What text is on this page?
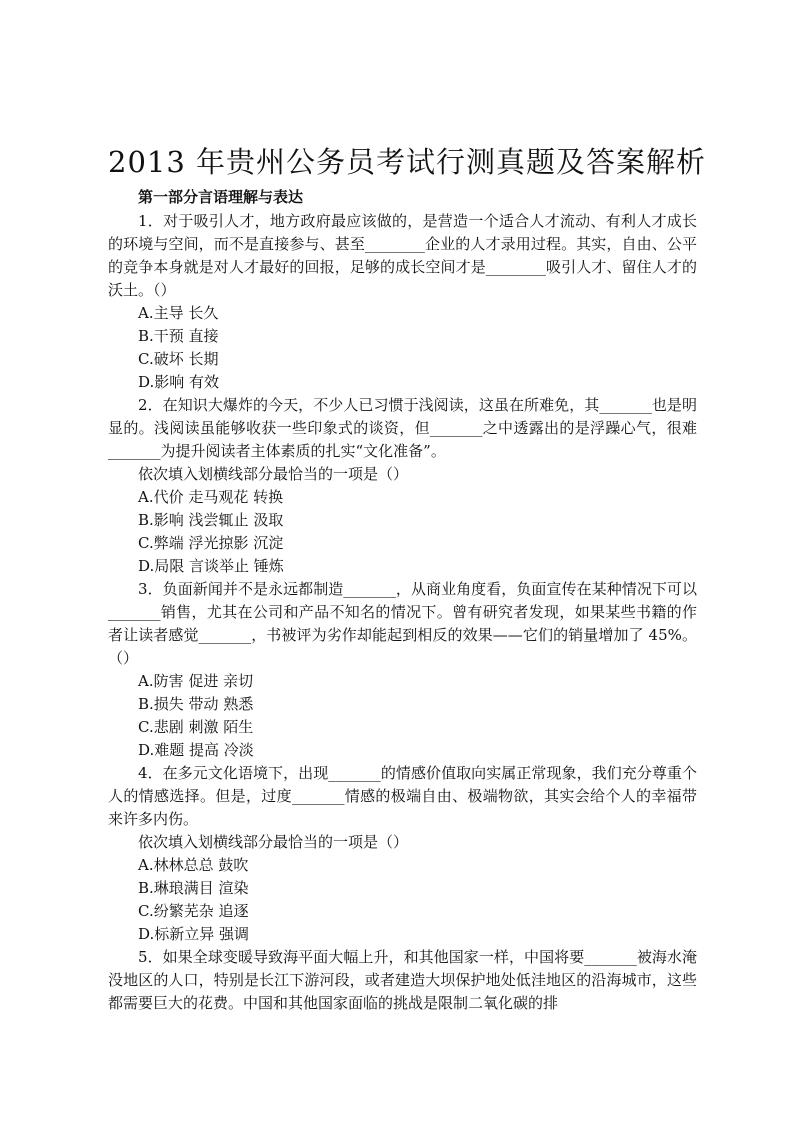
2013 年贵州公务员考试行测真题及答案解析
第一部分言语理解与表达

1．对于吸引人才，地方政府最应该做的，是营造一个适合人才流动、有利人才成长的环境与空间，而不是直接参与、甚至________企业的人才录用过程。其实，自由、公平的竞争本身就是对人才最好的回报，足够的成长空间才是________吸引人才、留住人才的沃土。（）

A.主导 长久

B.干预 直接

C.破坏 长期

D.影响 有效

2．在知识大爆炸的今天，不少人已习惯于浅阅读，这虽在所难免，其_______也是明显的。浅阅读虽能够收获一些印象式的谈资，但_______之中透露出的是浮躁心气，很难_______为提升阅读者主体素质的扎实“文化准备”。

依次填入划横线部分最恰当的一项是（）

A.代价 走马观花 转换

B.影响 浅尝辄止 汲取

C.弊端 浮光掠影 沉淀

D.局限 言谈举止 锤炼

3．负面新闻并不是永远都制造_______，从商业角度看，负面宣传在某种情况下可以_______销售，尤其在公司和产品不知名的情况下。曾有研究者发现，如果某些书籍的作者让读者感觉_______，书被评为劣作却能起到相反的效果——它们的销量增加了 45%。（）

A.防害 促进 亲切

B.损失 带动 熟悉

C.悲剧 刺激 陌生

D.难题 提高 冷淡

4．在多元文化语境下，出现_______的情感价值取向实属正常现象，我们充分尊重个人的情感选择。但是，过度_______情感的极端自由、极端物欲，其实会给个人的幸福带来许多内伤。

依次填入划横线部分最恰当的一项是（）

A.林林总总 鼓吹

B.琳琅满目 渲染

C.纷繁芜杂 追逐

D.标新立异 强调

5．如果全球变暖导致海平面大幅上升，和其他国家一样，中国将要_______被海水淹没地区的人口，特别是长江下游河段，或者建造大坝保护地处低洼地区的沿海城市，这些都需要巨大的花费。中国和其他国家面临的挑战是限制二氧化碳的排
